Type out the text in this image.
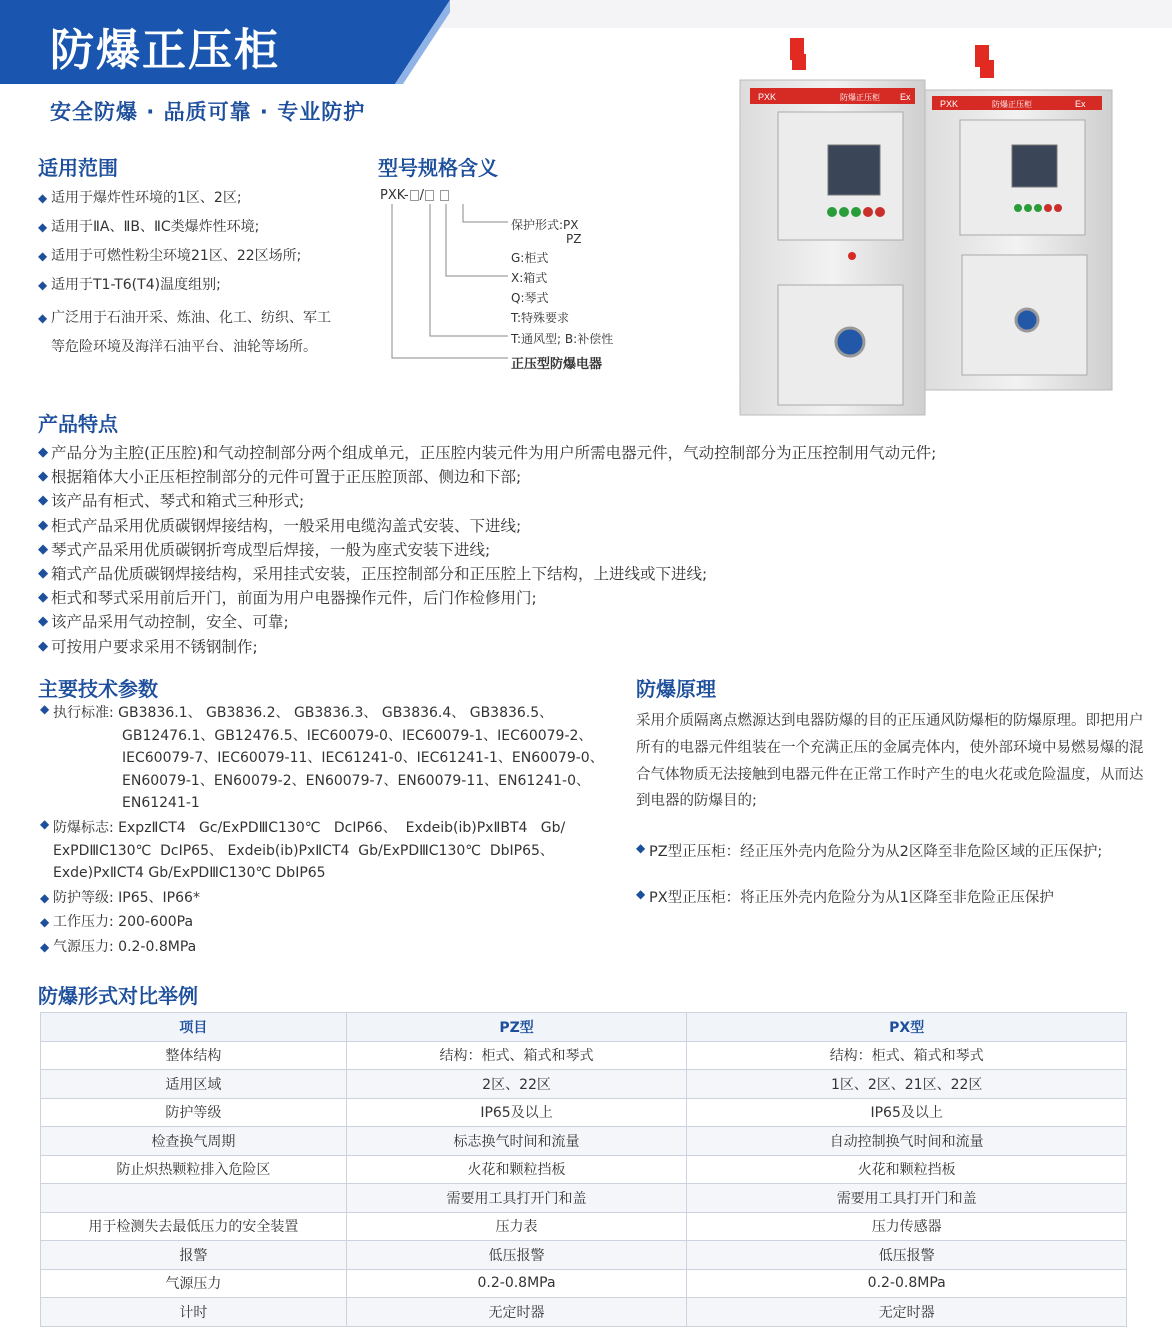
防爆正压柜
安全防爆 · 品质可靠 · 专业防护
适用范围
◆ 适用于爆炸性环境的1区、2区;
◆ 适用于ⅡA、ⅡB、ⅡC类爆炸性环境;
◆ 适用于可燃性粉尘环境21区、22区场所;
◆ 适用于T1-T6(T4)温度组别;
◆ 广泛用于石油开采、炼油、化工、纺织、军工
等危险环境及海洋石油平台、油轮等场所。
型号规格含义
PXK- /
保护形式:PX
PZ
G:柜式
X:箱式
Q:琴式
T:特殊要求
T:通风型; B:补偿性
正压型防爆电器
PXK	防爆正压柜	Ex
PXK	防爆正压柜 Ex
产品特点
◆ 产品分为主腔(正压腔)和气动控制部分两个组成单元，正压腔内装元件为用户所需电器元件，气动控制部分为正压控制用气动元件;
◆ 根据箱体大小正压柜控制部分的元件可置于正压腔顶部、侧边和下部;
◆ 该产品有柜式、琴式和箱式三种形式;
◆ 柜式产品采用优质碳钢焊接结构，一般采用电缆沟盖式安装、下进线;
◆ 琴式产品采用优质碳钢折弯成型后焊接，一般为座式安装下进线;
◆ 箱式产品优质碳钢焊接结构，采用挂式安装，正压控制部分和正压腔上下结构，上进线或下进线;
◆ 柜式和琴式采用前后开门，前面为用户电器操作元件，后门作检修用门;
◆ 该产品采用气动控制，安全、可靠;
◆ 可按用户要求采用不锈钢制作;
主要技术参数
◆ 执行标准: GB3836.1、 GB3836.2、 GB3836.3、 GB3836.4、 GB3836.5、
GB12476.1、GB12476.5、IEC60079-0、IEC60079-1、IEC60079-2、
IEC60079-7、IEC60079-11、IEC61241-0、IEC61241-1、EN60079-0、
EN60079-1、EN60079-2、EN60079-7、EN60079-11、EN61241-0、
EN61241-1
◆ 防爆标志: ExpzⅡCT4   Gc/ExPDⅢC130℃   DcIP66、  Exdeib(ib)PxⅡBT4   Gb/
ExPDⅢC130℃  DcIP65、 Exdeib(ib)PxⅡCT4  Gb/ExPDⅢC130℃  DbIP65、
Exde)PxⅡCT4 Gb/ExPDⅢC130℃ DbIP65
◆ 防护等级: IP65、IP66*
◆ 工作压力: 200-600Pa
◆ 气源压力: 0.2-0.8MPa
防爆原理
采用介质隔离点燃源达到电器防爆的目的正压通风防爆柜的防爆原理。即把用户所有的电器元件组装在一个充满正压的金属壳体内，使外部环境中易燃易爆的混合气体物质无法接触到电器元件在正常工作时产生的电火花或危险温度，从而达到电器的防爆目的;
◆ PZ型正压柜：经正压外壳内危险分为从2区降至非危险区域的正压保护;
◆ PX型正压柜：将正压外壳内危险分为从1区降至非危险正压保护
防爆形式对比举例
项目	PZ型	PX型
整体结构	结构：柜式、箱式和琴式	结构：柜式、箱式和琴式
适用区域	2区、22区	1区、2区、21区、22区
防护等级	IP65及以上	IP65及以上
检查换气周期	标志换气时间和流量	自动控制换气时间和流量
防止炽热颗粒排入危险区	火花和颗粒挡板	火花和颗粒挡板
	需要用工具打开门和盖	需要用工具打开门和盖
用于检测失去最低压力的安全装置	压力表	压力传感器
报警	低压报警	低压报警
气源压力	0.2-0.8MPa	0.2-0.8MPa
计时	无定时器	无定时器
